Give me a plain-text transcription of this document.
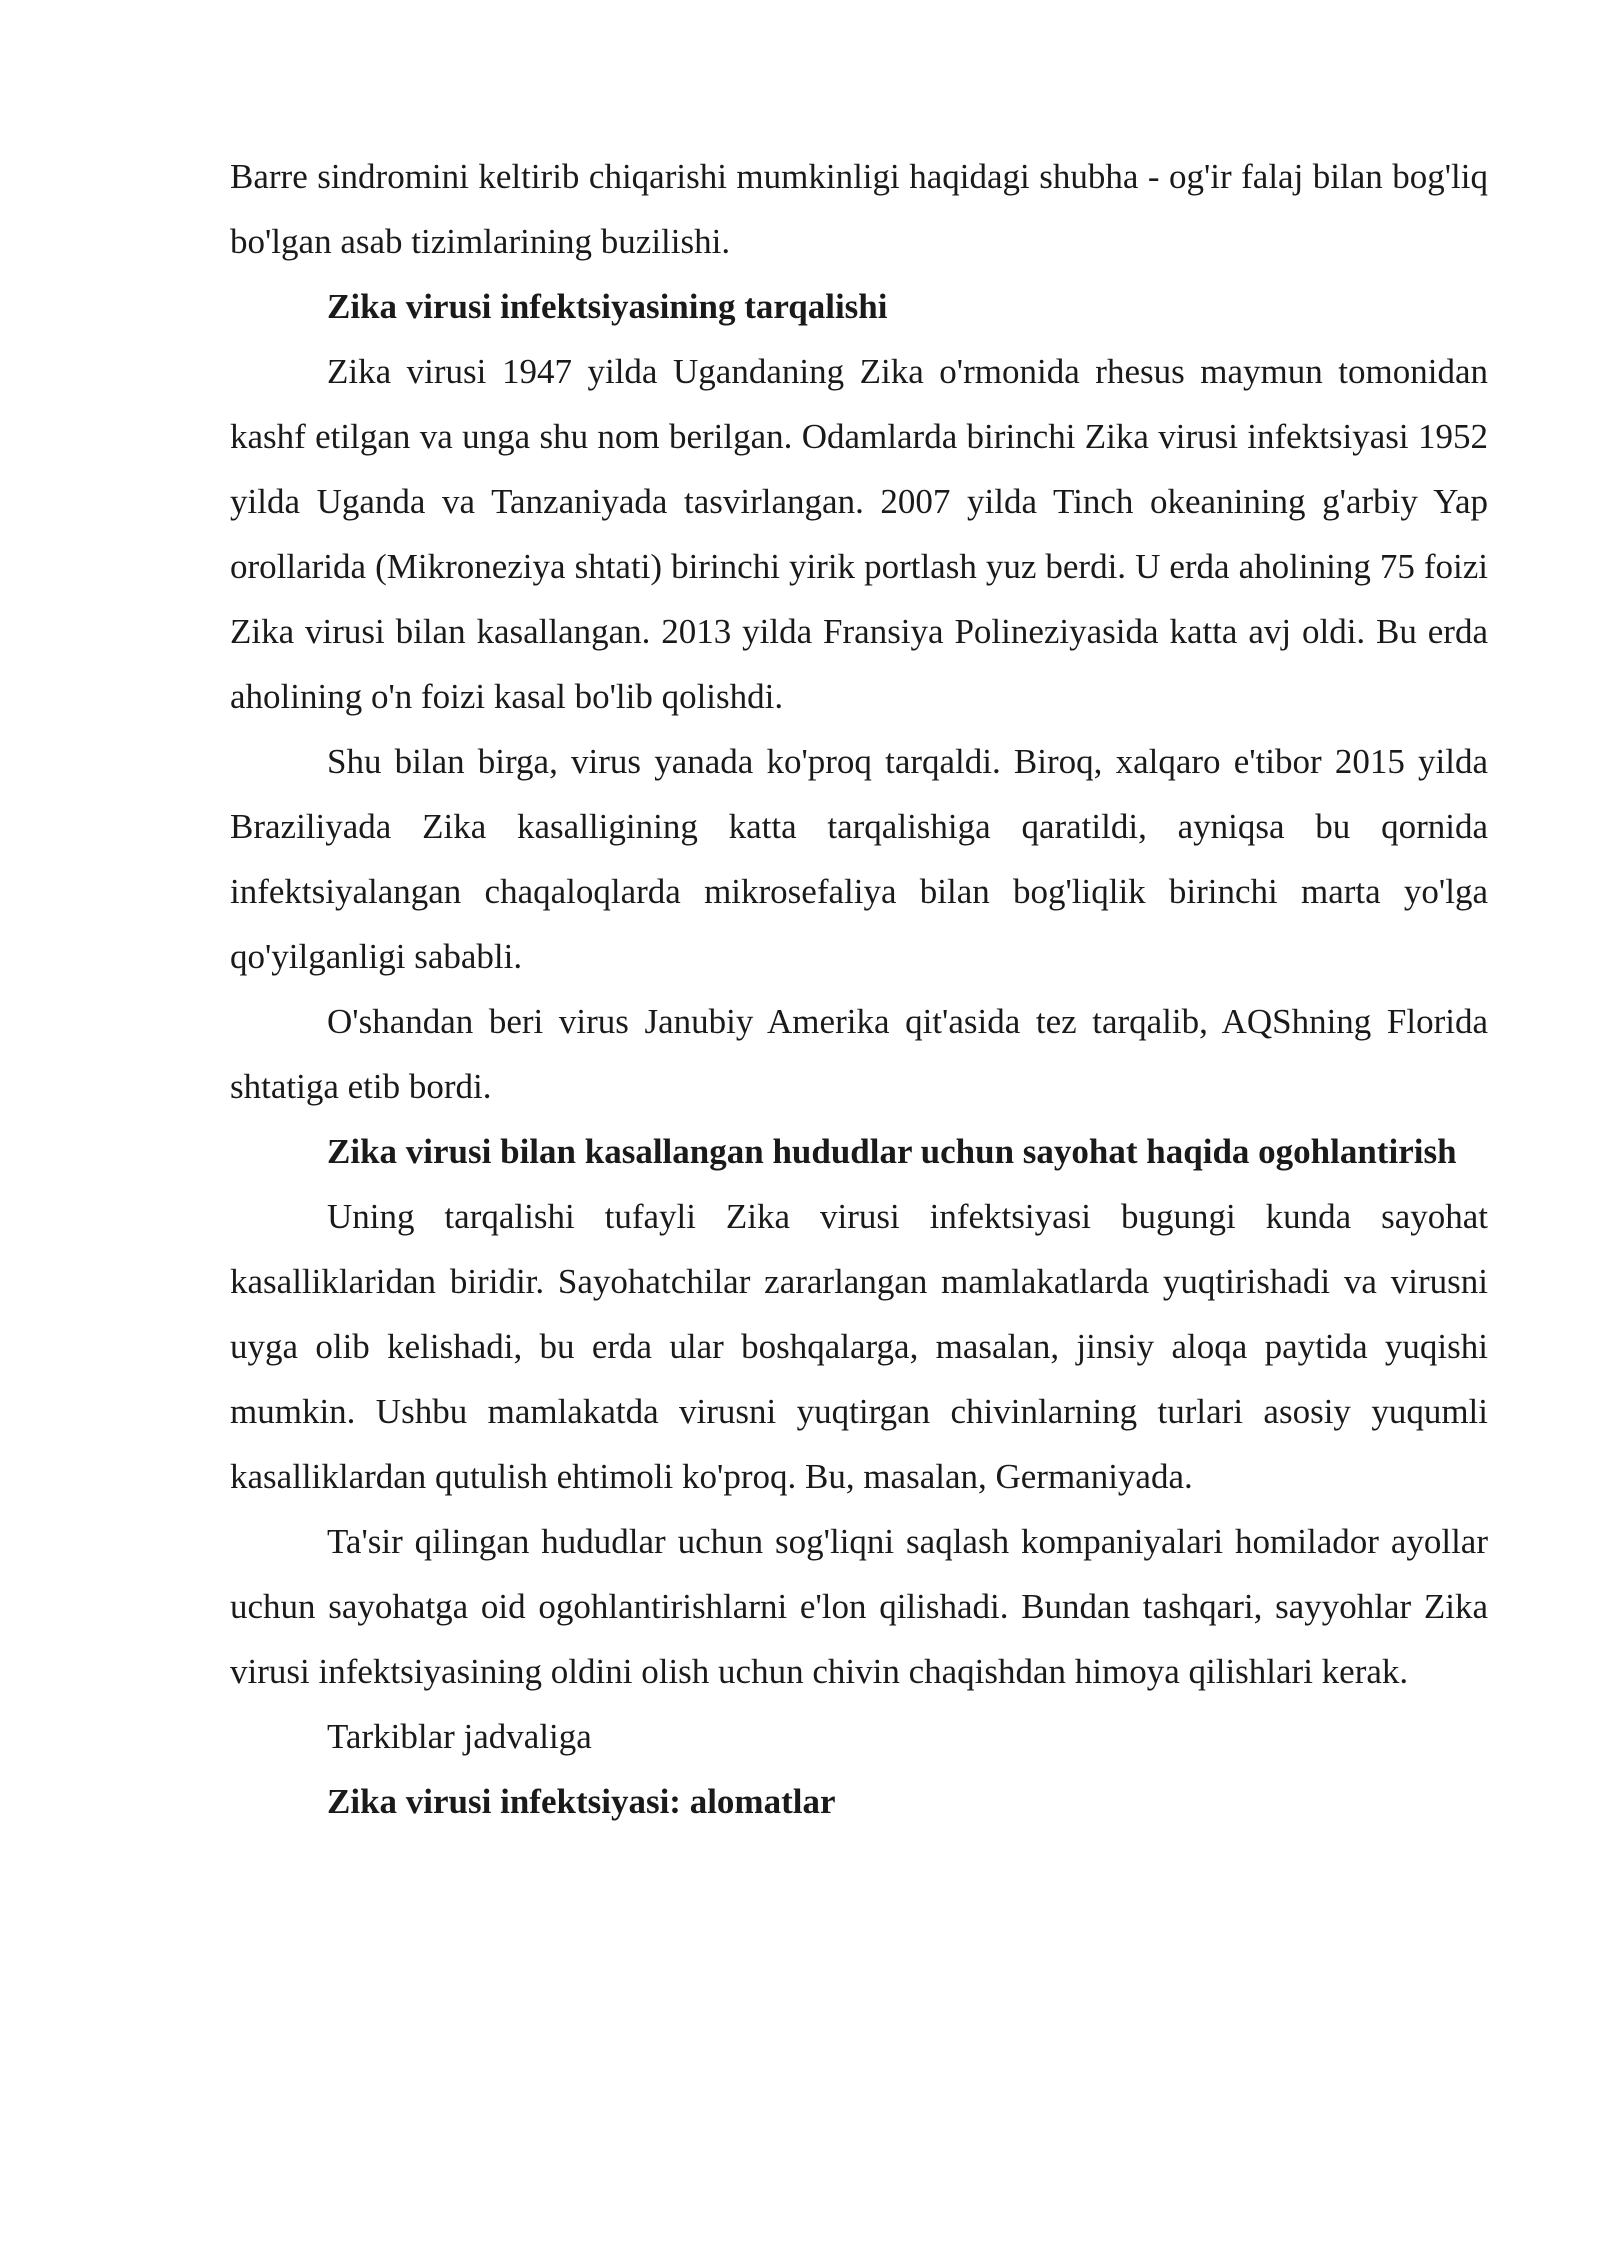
Barre sindromini keltirib chiqarishi mumkinligi haqidagi shubha - og'ir falaj bilan bog'liq bo'lgan asab tizimlarining buzilishi.

Zika virusi infektsiyasining tarqalishi

Zika virusi 1947 yilda Ugandaning Zika o'rmonida rhesus maymun tomonidan kashf etilgan va unga shu nom berilgan. Odamlarda birinchi Zika virusi infektsiyasi 1952 yilda Uganda va Tanzaniyada tasvirlangan. 2007 yilda Tinch okeanining g'arbiy Yap orollarida (Mikroneziya shtati) birinchi yirik portlash yuz berdi. U erda aholining 75 foizi Zika virusi bilan kasallangan. 2013 yilda Fransiya Polineziyasida katta avj oldi. Bu erda aholining o'n foizi kasal bo'lib qolishdi.

Shu bilan birga, virus yanada ko'proq tarqaldi. Biroq, xalqaro e'tibor 2015 yilda Braziliyada Zika kasalligining katta tarqalishiga qaratildi, ayniqsa bu qornida infektsiyalangan chaqaloqlarda mikrosefaliya bilan bog'liqlik birinchi marta yo'lga qo'yilganligi sababli.

O'shandan beri virus Janubiy Amerika qit'asida tez tarqalib, AQShning Florida shtatiga etib bordi.

Zika virusi bilan kasallangan hududlar uchun sayohat haqida ogohlantirish

Uning tarqalishi tufayli Zika virusi infektsiyasi bugungi kunda sayohat kasalliklaridan biridir. Sayohatchilar zararlangan mamlakatlarda yuqtirishadi va virusni uyga olib kelishadi, bu erda ular boshqalarga, masalan, jinsiy aloqa paytida yuqishi mumkin. Ushbu mamlakatda virusni yuqtirgan chivinlarning turlari asosiy yuqumli kasalliklardan qutulish ehtimoli ko'proq. Bu, masalan, Germaniyada.

Ta'sir qilingan hududlar uchun sog'liqni saqlash kompaniyalari homilador ayollar uchun sayohatga oid ogohlantirishlarni e'lon qilishadi. Bundan tashqari, sayyohlar Zika virusi infektsiyasining oldini olish uchun chivin chaqishdan himoya qilishlari kerak.

Tarkiblar jadvaliga

Zika virusi infektsiyasi: alomatlar
